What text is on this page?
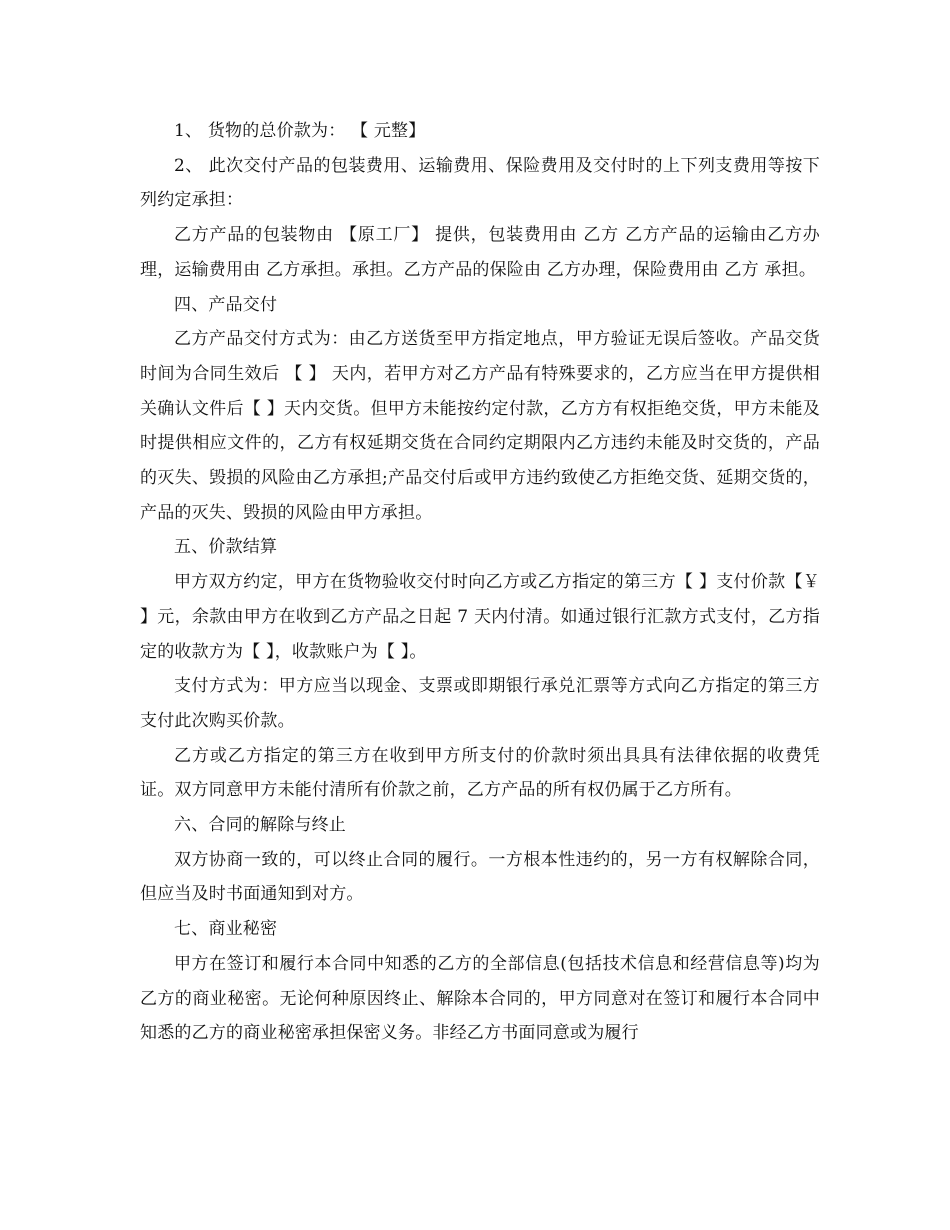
1、 货物的总价款为： 【 元整】

2、 此次交付产品的包装费用、运输费用、保险费用及交付时的上下列支费用等按下列约定承担：

乙方产品的包装物由 【原工厂】 提供，包装费用由 乙方 乙方产品的运输由乙方办理，运输费用由 乙方承担。承担。乙方产品的保险由 乙方办理，保险费用由 乙方 承担。

四、产品交付

乙方产品交付方式为：由乙方送货至甲方指定地点，甲方验证无误后签收。产品交货时间为合同生效后 【 】 天内，若甲方对乙方产品有特殊要求的，乙方应当在甲方提供相关确认文件后【 】天内交货。但甲方未能按约定付款，乙方方有权拒绝交货，甲方未能及时提供相应文件的，乙方有权延期交货在合同约定期限内乙方违约未能及时交货的，产品的灭失、毁损的风险由乙方承担;产品交付后或甲方违约致使乙方拒绝交货、延期交货的，产品的灭失、毁损的风险由甲方承担。

五、价款结算

甲方双方约定，甲方在货物验收交付时向乙方或乙方指定的第三方【 】支付价款【￥ 】元，余款由甲方在收到乙方产品之日起 7 天内付清。如通过银行汇款方式支付，乙方指定的收款方为【 】，收款账户为【 】。

支付方式为：甲方应当以现金、支票或即期银行承兑汇票等方式向乙方指定的第三方支付此次购买价款。

乙方或乙方指定的第三方在收到甲方所支付的价款时须出具具有法律依据的收费凭证。双方同意甲方未能付清所有价款之前，乙方产品的所有权仍属于乙方所有。

六、合同的解除与终止

双方协商一致的，可以终止合同的履行。一方根本性违约的，另一方有权解除合同，但应当及时书面通知到对方。

七、商业秘密

甲方在签订和履行本合同中知悉的乙方的全部信息(包括技术信息和经营信息等)均为乙方的商业秘密。无论何种原因终止、解除本合同的，甲方同意对在签订和履行本合同中知悉的乙方的商业秘密承担保密义务。非经乙方书面同意或为履行
